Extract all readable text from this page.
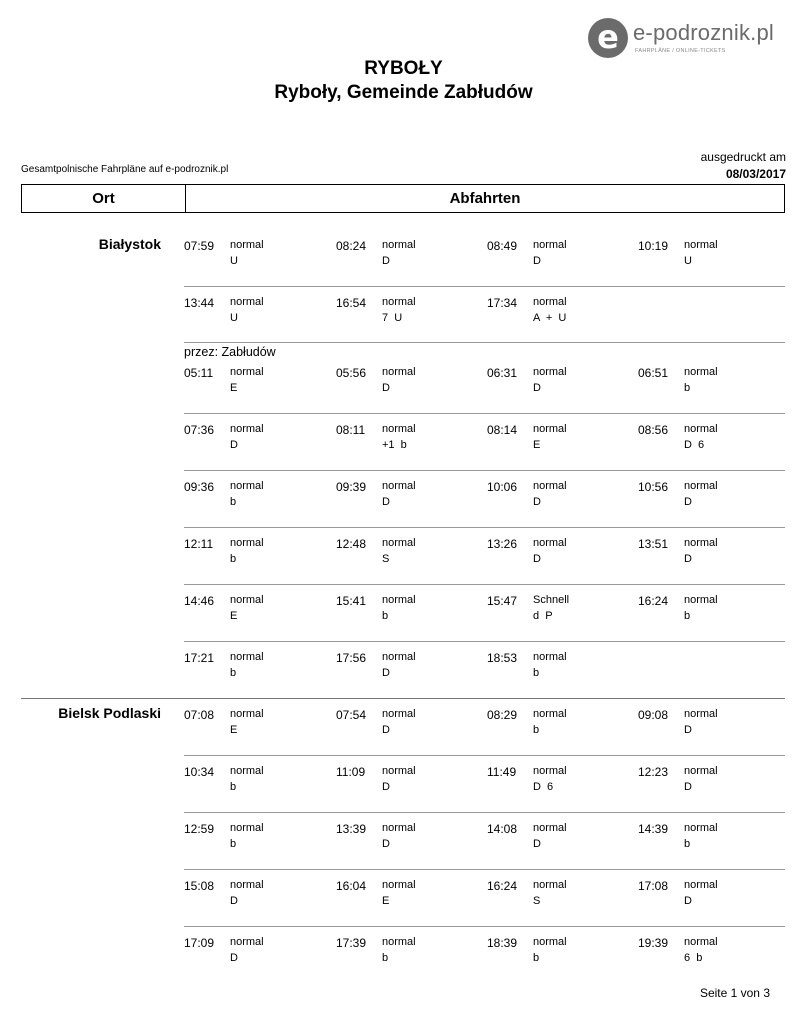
e e-podroznik.pl
FAHRPLÄNE / ONLINE-TICKETS
RYBOŁY
Ryboły, Gemeinde Zabłudów
Gesamtpolnische Fahrpläne auf e-podroznik.pl
ausgedruckt am
08/03/2017
Ort	Abfahrten
Białystok 07:59 normal
U
08:24 normal
D
08:49 normal
D
10:19 normal
U
13:44 normal
U
16:54 normal
7  U
17:34 normal
A  +  U
przez: Zabłudów
05:11 normal
E
05:56 normal
D
06:31 normal
D
06:51 normal
b
07:36 normal
D
08:11 normal
+1  b
08:14 normal
E
08:56 normal
D  6
09:36 normal
b
09:39 normal
D
10:06 normal
D
10:56 normal
D
12:11 normal
b
12:48 normal
S
13:26 normal
D
13:51 normal
D
14:46 normal
E
15:41 normal
b
15:47 Schnell
d  P
16:24 normal
b
17:21 normal
b
17:56 normal
D
18:53 normal
b
Bielsk Podlaski 07:08 normal
E
07:54 normal
D
08:29 normal
b
09:08 normal
D
10:34 normal
b
11:09 normal
D
11:49 normal
D  6
12:23 normal
D
12:59 normal
b
13:39 normal
D
14:08 normal
D
14:39 normal
b
15:08 normal
D
16:04 normal
E
16:24 normal
S
17:08 normal
D
17:09 normal
D
17:39 normal
b
18:39 normal
b
19:39 normal
6  b
Seite 1 von 3
